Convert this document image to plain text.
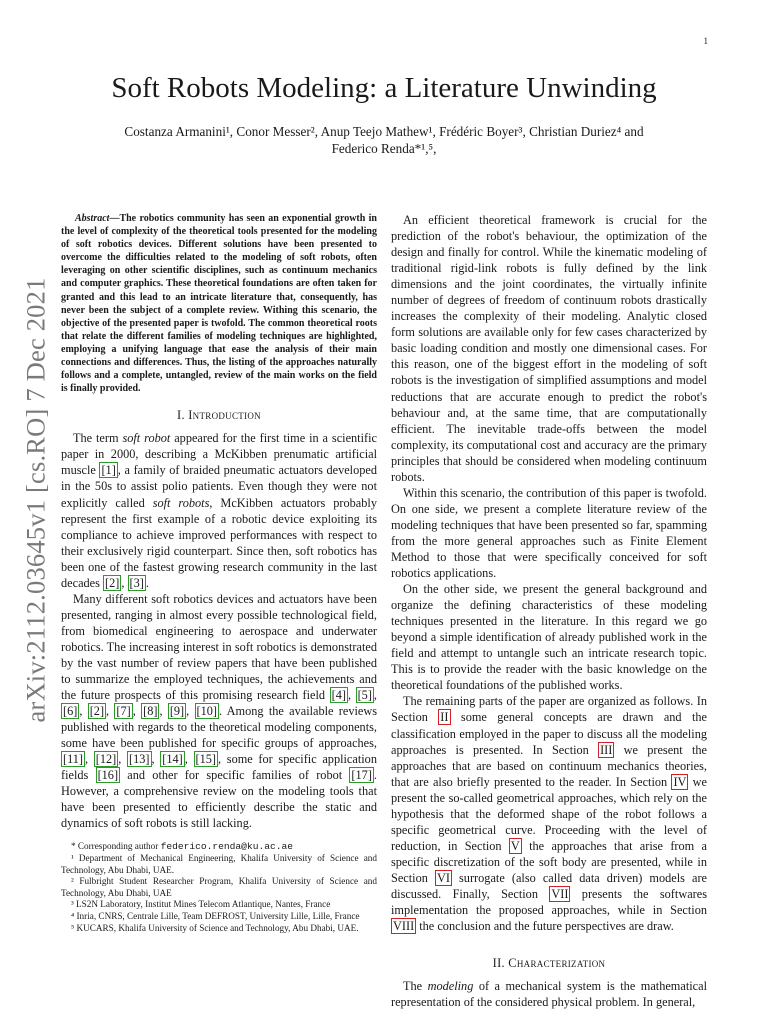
1
arXiv:2112.03645v1 [cs.RO] 7 Dec 2021
Soft Robots Modeling: a Literature Unwinding
Costanza Armanini¹, Conor Messer², Anup Teejo Mathew¹, Frédéric Boyer³, Christian Duriez⁴ and
Federico Renda*¹,⁵,
Abstract—The robotics community has seen an exponential growth in the level of complexity of the theoretical tools presented for the modeling of soft robotics devices. Different solutions have been presented to overcome the difficulties related to the modeling of soft robots, often leveraging on other scientific disciplines, such as continuum mechanics and computer graphics. These theoretical foundations are often taken for granted and this lead to an intricate literature that, consequently, has never been the subject of a complete review. Withing this scenario, the objective of the presented paper is twofold. The common theoretical roots that relate the different families of modeling techniques are highlighted, employing a unifying language that ease the analysis of their main connections and differences. Thus, the listing of the approaches naturally follows and a complete, untangled, review of the main works on the field is finally provided.
I. Introduction

The term soft robot appeared for the first time in a scientific paper in 2000, describing a McKibben prenumatic artificial muscle [1] , a family of braided pneumatic actuators developed in the 50s to assist polio patients. Even though they were not explicitly called soft robots, McKibben actuators probably represent the first example of a robotic device exploiting its compliance to achieve improved performances with respect to their exclusively rigid counterpart. Since then, soft robotics has been one of the fastest growing research community in the last decades [2] , [3] .

Many different soft robotics devices and actuators have been presented, ranging in almost every possible technological field, from biomedical engineering to aerospace and underwater robotics. The increasing interest in soft robotics is demonstrated by the vast number of review papers that have been published to summarize the employed techniques, the achievements and the future prospects of this promising research field [4] , [5] , [6] , [2] , [7] , [8] , [9] , [10] . Among the available reviews published with regards to the theoretical modeling components, some have been published for specific groups of approaches, [11] , [12] , [13] , [14] , [15] , some for specific application fields [16] and other for specific families of robot [17] . However, a comprehensive review on the modeling tools that have been presented to efficiently describe the static and dynamics of soft robots is still lacking.

* Corresponding author federico.renda@ku.ac.ae
¹ Department of Mechanical Engineering, Khalifa University of Science and Technology, Abu Dhabi, UAE.
² Fulbright Student Researcher Program, Khalifa University of Science and Technology, Abu Dhabi, UAE
³ LS2N Laboratory, Institut Mines Telecom Atlantique, Nantes, France
⁴ Inria, CNRS, Centrale Lille, Team DEFROST, University Lille, Lille, France
⁵ KUCARS, Khalifa University of Science and Technology, Abu Dhabi, UAE.

An efficient theoretical framework is crucial for the prediction of the robot's behaviour, the optimization of the design and finally for control. While the kinematic modeling of traditional rigid-link robots is fully defined by the link dimensions and the joint coordinates, the virtually infinite number of degrees of freedom of continuum robots drastically increases the complexity of their modeling. Analytic closed form solutions are available only for few cases characterized by basic loading condition and mostly one dimensional cases. For this reason, one of the biggest effort in the modeling of soft robots is the investigation of simplified assumptions and model reductions that are accurate enough to predict the robot's behaviour and, at the same time, that are computationally efficient. The inevitable trade-offs between the model complexity, its computational cost and accuracy are the primary principles that should be considered when modeling continuum robots.

Within this scenario, the contribution of this paper is twofold. On one side, we present a complete literature review of the modeling techniques that have been presented so far, spamming from the more general approaches such as Finite Element Method to those that were specifically conceived for soft robotics applications.

On the other side, we present the general background and organize the defining characteristics of these modeling techniques presented in the literature. In this regard we go beyond a simple identification of already published work in the field and attempt to untangle such an intricate research topic. This is to provide the reader with the basic knowledge on the theoretical foundations of the published works.

The remaining parts of the paper are organized as follows. In Section II some general concepts are drawn and the classification employed in the paper to discuss all the modeling approaches is presented. In Section III we present the approaches that are based on continuum mechanics theories, that are also briefly presented to the reader. In Section IV we present the so-called geometrical approaches, which rely on the hypothesis that the deformed shape of the robot follows a specific geometrical curve. Proceeding with the level of reduction, in Section V the approaches that arise from a specific discretization of the soft body are presented, while in Section VI surrogate (also called data driven) models are discussed. Finally, Section VII presents the softwares implementation the proposed approaches, while in Section VIII the conclusion and the future perspectives are draw.

II. Characterization

The modeling of a mechanical system is the mathematical representation of the considered physical problem. In general,
